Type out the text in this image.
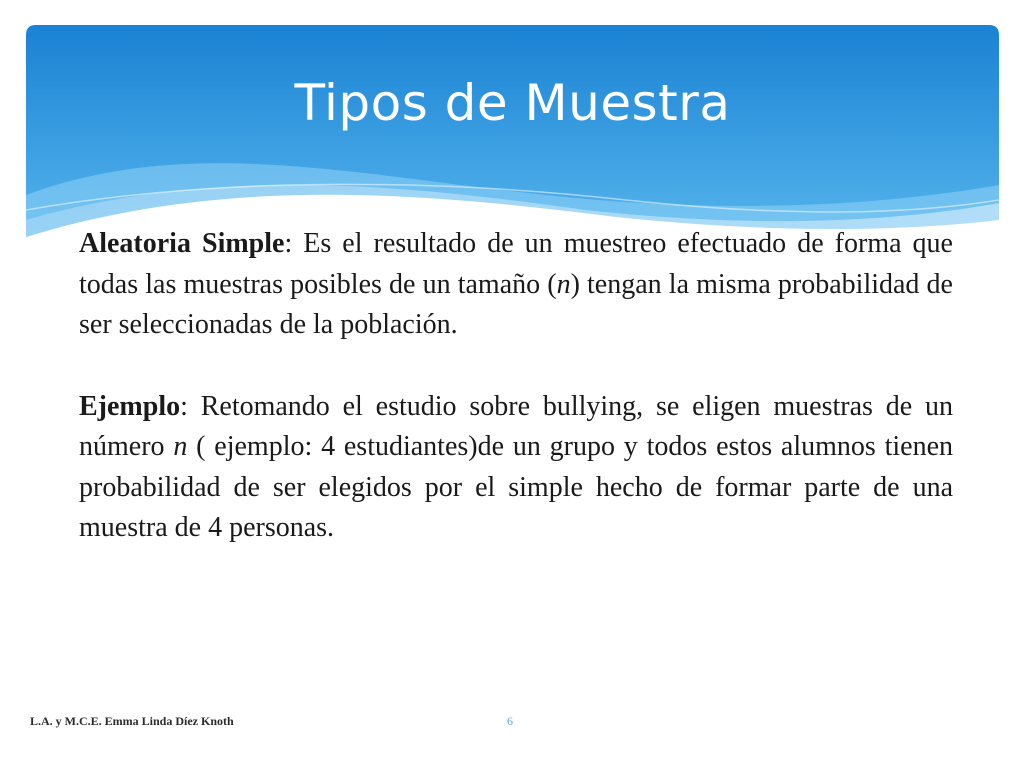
Tipos de Muestra

Aleatoria Simple: Es el resultado de un muestreo efectuado de forma que todas las muestras posibles de un tamaño (n) tengan la misma probabilidad de ser seleccionadas de la población.

Ejemplo: Retomando el estudio sobre bullying, se eligen muestras de un número n ( ejemplo: 4 estudiantes)de un grupo y todos estos alumnos tienen probabilidad de ser elegidos por el simple hecho de formar parte de una muestra de 4 personas.

L.A. y M.C.E. Emma Linda Díez Knoth	6
